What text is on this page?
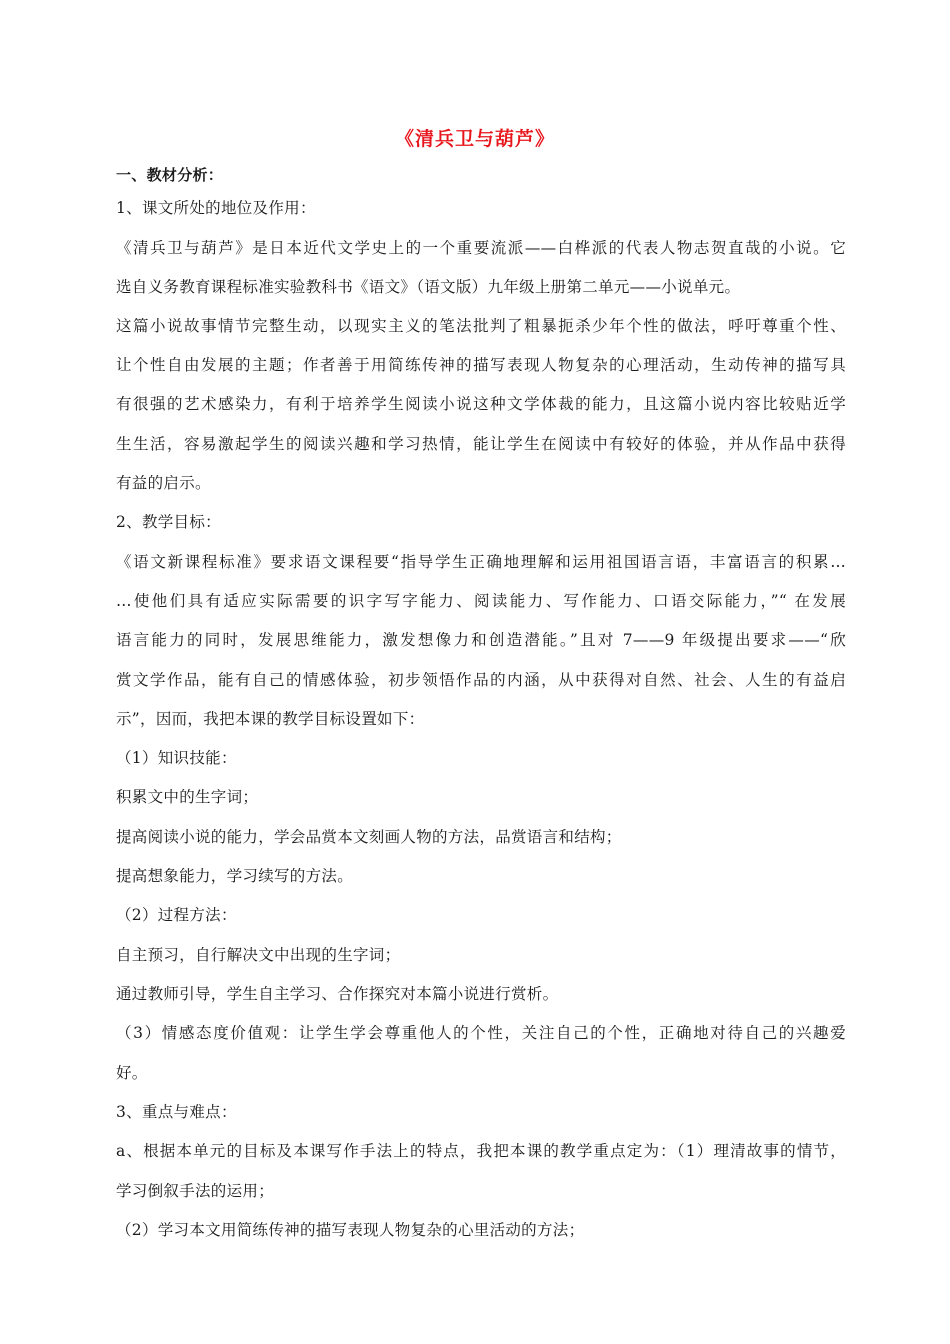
《清兵卫与葫芦》
一、教材分析：
1、课文所处的地位及作用：
《清兵卫与葫芦》是日本近代文学史上的一个重要流派——白桦派的代表人物志贺直哉的小说。它
选自义务教育课程标准实验教科书《语文》（语文版）九年级上册第二单元——小说单元。
这篇小说故事情节完整生动，以现实主义的笔法批判了粗暴扼杀少年个性的做法，呼吁尊重个性、
让个性自由发展的主题；作者善于用简练传神的描写表现人物复杂的心理活动，生动传神的描写具
有很强的艺术感染力，有利于培养学生阅读小说这种文学体裁的能力，且这篇小说内容比较贴近学
生生活，容易激起学生的阅读兴趣和学习热情，能让学生在阅读中有较好的体验，并从作品中获得
有益的启示。
2、教学目标：
《语文新课程标准》要求语文课程要“指导学生正确地理解和运用祖国语言语，丰富语言的积累…
…使他们具有适应实际需要的识字写字能力、阅读能力、写作能力、口语交际能力，”“ 在发展
语言能力的同时，发展思维能力，激发想像力和创造潜能。”且对 7——9 年级提出要求——“欣
赏文学作品，能有自己的情感体验，初步领悟作品的内涵，从中获得对自然、社会、人生的有益启
示”，因而，我把本课的教学目标设置如下：
（1）知识技能：
积累文中的生字词；
提高阅读小说的能力，学会品赏本文刻画人物的方法，品赏语言和结构；
提高想象能力，学习续写的方法。
（2）过程方法：
自主预习，自行解决文中出现的生字词；
通过教师引导，学生自主学习、合作探究对本篇小说进行赏析。
（3）情感态度价值观：让学生学会尊重他人的个性，关注自己的个性，正确地对待自己的兴趣爱
好。
3、重点与难点：
a、根据本单元的目标及本课写作手法上的特点，我把本课的教学重点定为：（1）理清故事的情节，
学习倒叙手法的运用；
（2）学习本文用简练传神的描写表现人物复杂的心里活动的方法；
